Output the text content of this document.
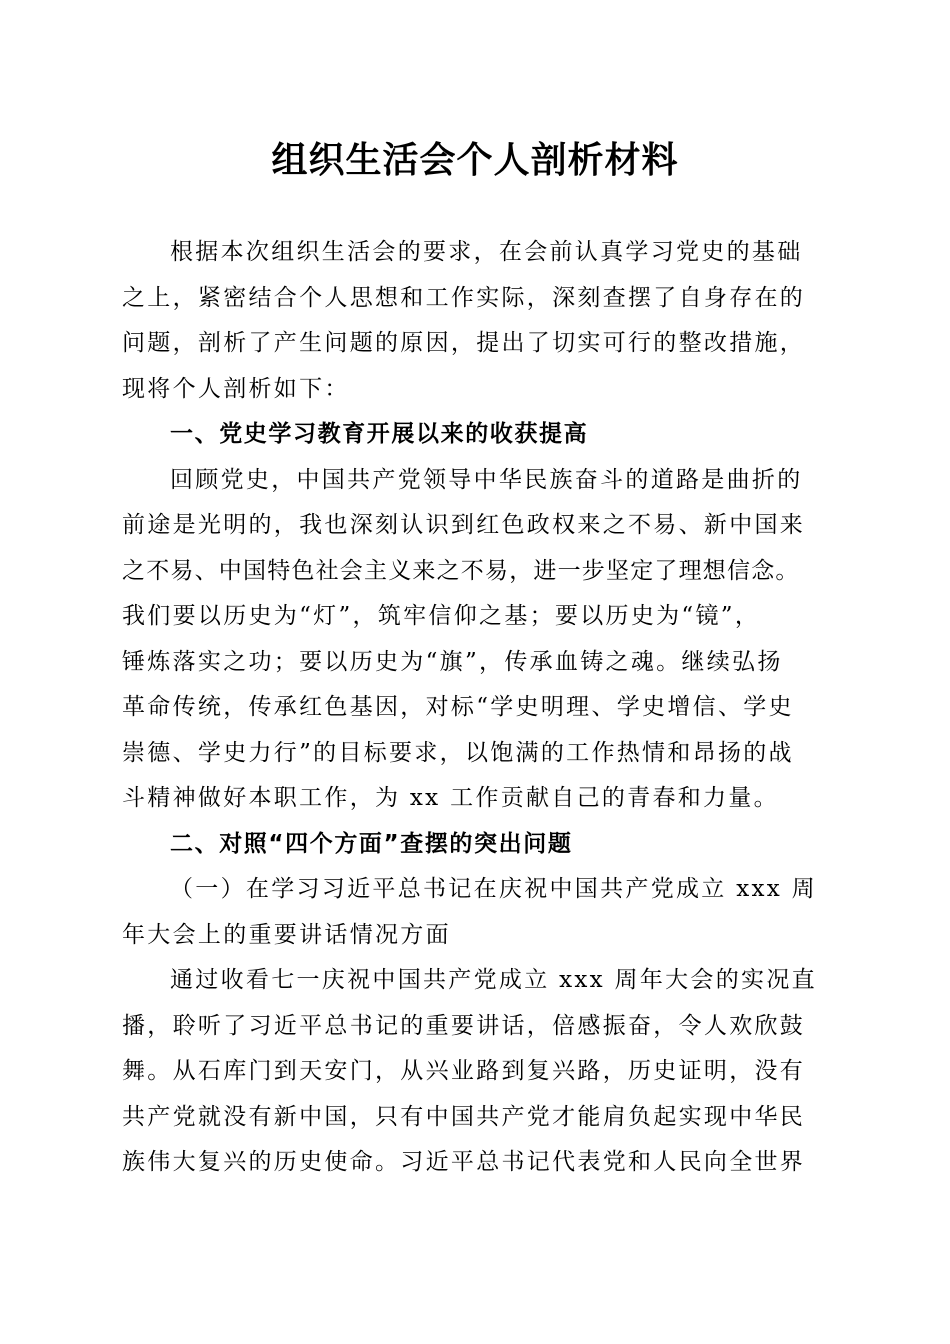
组织生活会个人剖析材料
根据本次组织生活会的要求，在会前认真学习党史的基础
之上，紧密结合个人思想和工作实际，深刻查摆了自身存在的
问题，剖析了产生问题的原因，提出了切实可行的整改措施，
现将个人剖析如下：
一、党史学习教育开展以来的收获提高
回顾党史，中国共产党领导中华民族奋斗的道路是曲折的
前途是光明的，我也深刻认识到红色政权来之不易、新中国来
之不易、中国特色社会主义来之不易，进一步坚定了理想信念。
我们要以历史为“灯”，筑牢信仰之基；要以历史为“镜”，
锤炼落实之功；要以历史为“旗”，传承血铸之魂。继续弘扬
革命传统，传承红色基因，对标“学史明理、学史增信、学史
崇德、学史力行”的目标要求，以饱满的工作热情和昂扬的战
斗精神做好本职工作，为 xx 工作贡献自己的青春和力量。
二、对照“四个方面”查摆的突出问题
（一）在学习习近平总书记在庆祝中国共产党成立 xxx 周
年大会上的重要讲话情况方面
通过收看七一庆祝中国共产党成立 xxx 周年大会的实况直
播，聆听了习近平总书记的重要讲话，倍感振奋，令人欢欣鼓
舞。从石库门到天安门，从兴业路到复兴路，历史证明，没有
共产党就没有新中国，只有中国共产党才能肩负起实现中华民
族伟大复兴的历史使命。习近平总书记代表党和人民向全世界
